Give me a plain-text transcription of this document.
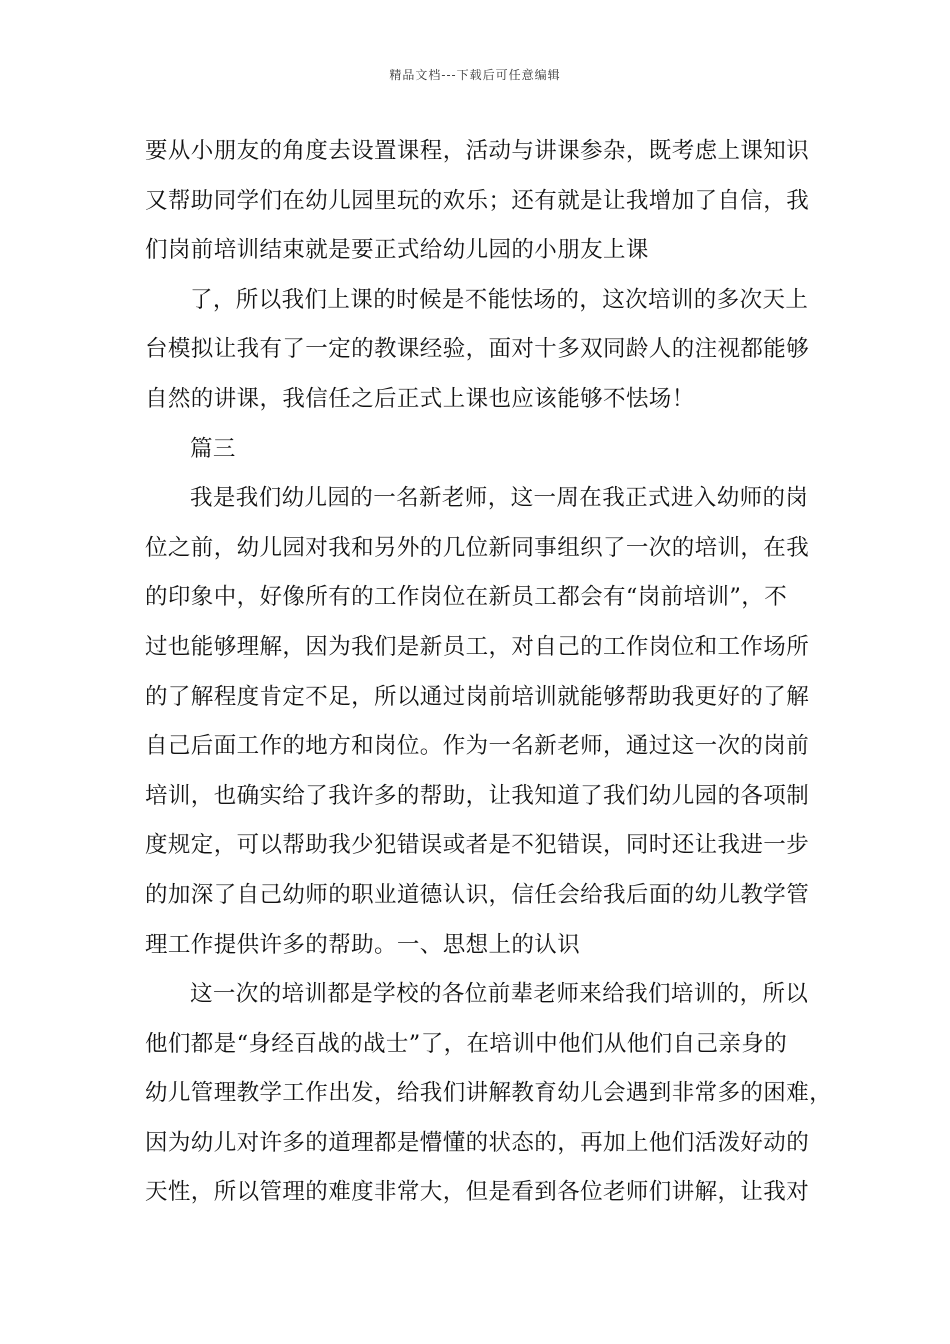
精品文档---下载后可任意编辑
要从小朋友的角度去设置课程，活动与讲课参杂，既考虑上课知识
又帮助同学们在幼儿园里玩的欢乐；还有就是让我增加了自信，我
们岗前培训结束就是要正式给幼儿园的小朋友上课
了，所以我们上课的时候是不能怯场的，这次培训的多次天上
台模拟让我有了一定的教课经验，面对十多双同龄人的注视都能够
自然的讲课，我信任之后正式上课也应该能够不怯场！
篇三
我是我们幼儿园的一名新老师，这一周在我正式进入幼师的岗
位之前，幼儿园对我和另外的几位新同事组织了一次的培训，在我
的印象中，好像所有的工作岗位在新员工都会有“岗前培训”，不
过也能够理解，因为我们是新员工，对自己的工作岗位和工作场所
的了解程度肯定不足，所以通过岗前培训就能够帮助我更好的了解
自己后面工作的地方和岗位。作为一名新老师，通过这一次的岗前
培训，也确实给了我许多的帮助，让我知道了我们幼儿园的各项制
度规定，可以帮助我少犯错误或者是不犯错误，同时还让我进一步
的加深了自己幼师的职业道德认识，信任会给我后面的幼儿教学管
理工作提供许多的帮助。一、思想上的认识
这一次的培训都是学校的各位前辈老师来给我们培训的，所以
他们都是“身经百战的战士”了，在培训中他们从他们自己亲身的
幼儿管理教学工作出发，给我们讲解教育幼儿会遇到非常多的困难，
因为幼儿对许多的道理都是懵懂的状态的，再加上他们活泼好动的
天性，所以管理的难度非常大，但是看到各位老师们讲解，让我对
